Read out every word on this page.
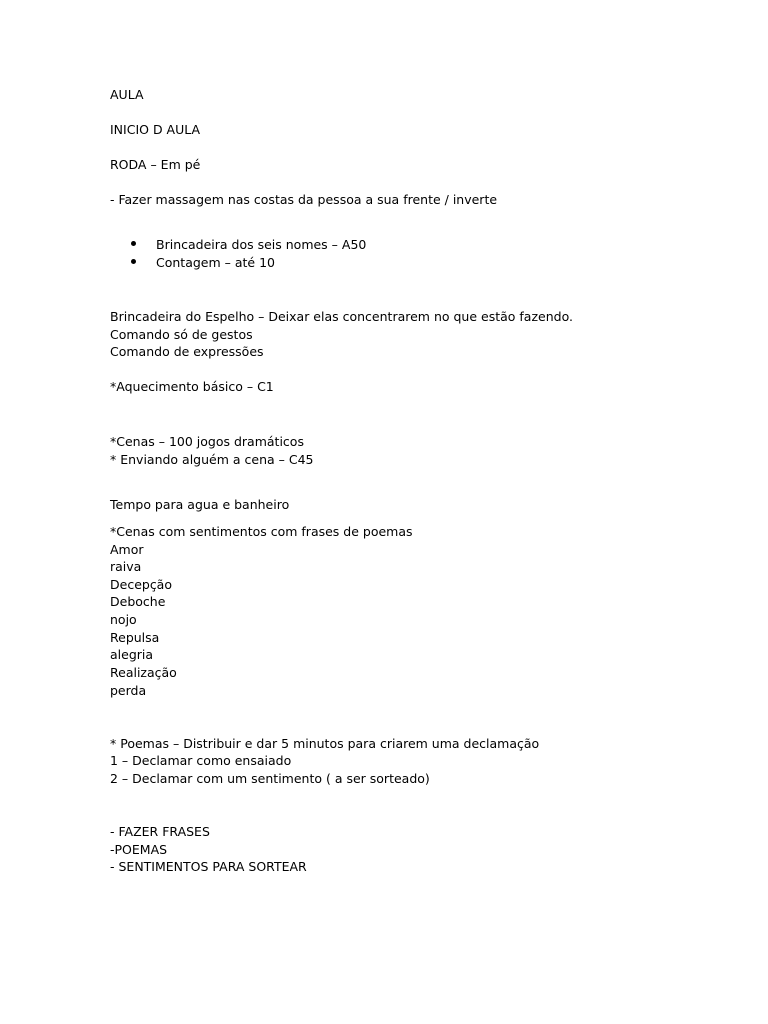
AULA
INICIO D AULA
RODA – Em pé
- Fazer massagem nas costas da pessoa a sua frente / inverte
Brincadeira dos seis nomes – A50
Contagem – até 10
Brincadeira do Espelho – Deixar elas concentrarem no que estão fazendo.
Comando só de gestos
Comando de expressões
*Aquecimento básico – C1
*Cenas – 100 jogos dramáticos
* Enviando alguém a cena – C45
Tempo para agua e banheiro
*Cenas com sentimentos com frases de poemas
Amor
raiva
Decepção
Deboche
nojo
Repulsa
alegria
Realização
perda
* Poemas – Distribuir e dar 5 minutos para criarem uma declamação
1 – Declamar como ensaiado
2 – Declamar com um sentimento ( a ser sorteado)
- FAZER FRASES
-POEMAS
- SENTIMENTOS PARA SORTEAR
